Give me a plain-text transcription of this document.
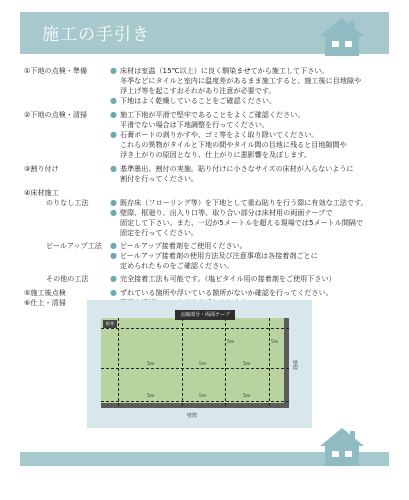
施工の手引き
①下地の点検・準備	● 床材は室温（15℃以上）に良く馴染ませてから施工して下さい。
冬季などにタイルと室内に温度差があるまま施工すると、施工後に目地隙や
浮上げ等を起こすおそれがあり注意が必要です。
● 下地はよく乾燥していることをご確認ください。
②下地の点検・清掃	● 施工下地が平滑で堅牢であることをよくご確認ください。
平滑でない場合は下地調整を行ってください。
● 石膏ボードの剥りかすや、ゴミ等をよく取り除いてください。
これらの異物がタイルと下地の間やタイル間の目地に残ると目地隙間や
浮き上がりの原因となり、仕上がりに悪影響を及ぼします。
③割り付け	● 基準墨出、割付の実施。貼り付けに小さなサイズの床材が入らないように
割付を行ってください。
④床材施工
のりなし工法	● 既存床（フローリング等）を下地として重ね貼りを行う際に有効な工法です。
● 壁際、框廻り、出入り口等、取り合い部分は床材用の両面テープで
固定して下さい。また、一辺が5メートルを超える現場では5メートル間隔で
固定を行ってください。
ピールアップ工法	● ピールアップ接着剤をご使用ください。
● ピールアップ接着剤の使用方法及び注意事項は各接着剤ごとに
定められたものをご確認ください。
その他の工法	● 完全接着工法も可能です。（塩ビタイル用の接着剤をご使用下さい）
⑤施工後点検	● ずれている箇所や浮いている箇所がないか確認を行ってください。
⑥仕上・清掃
点線部分・両面テープ
框等
5m	5m	5m
5m	5m	5m
5m	5m
壁際
壁際
